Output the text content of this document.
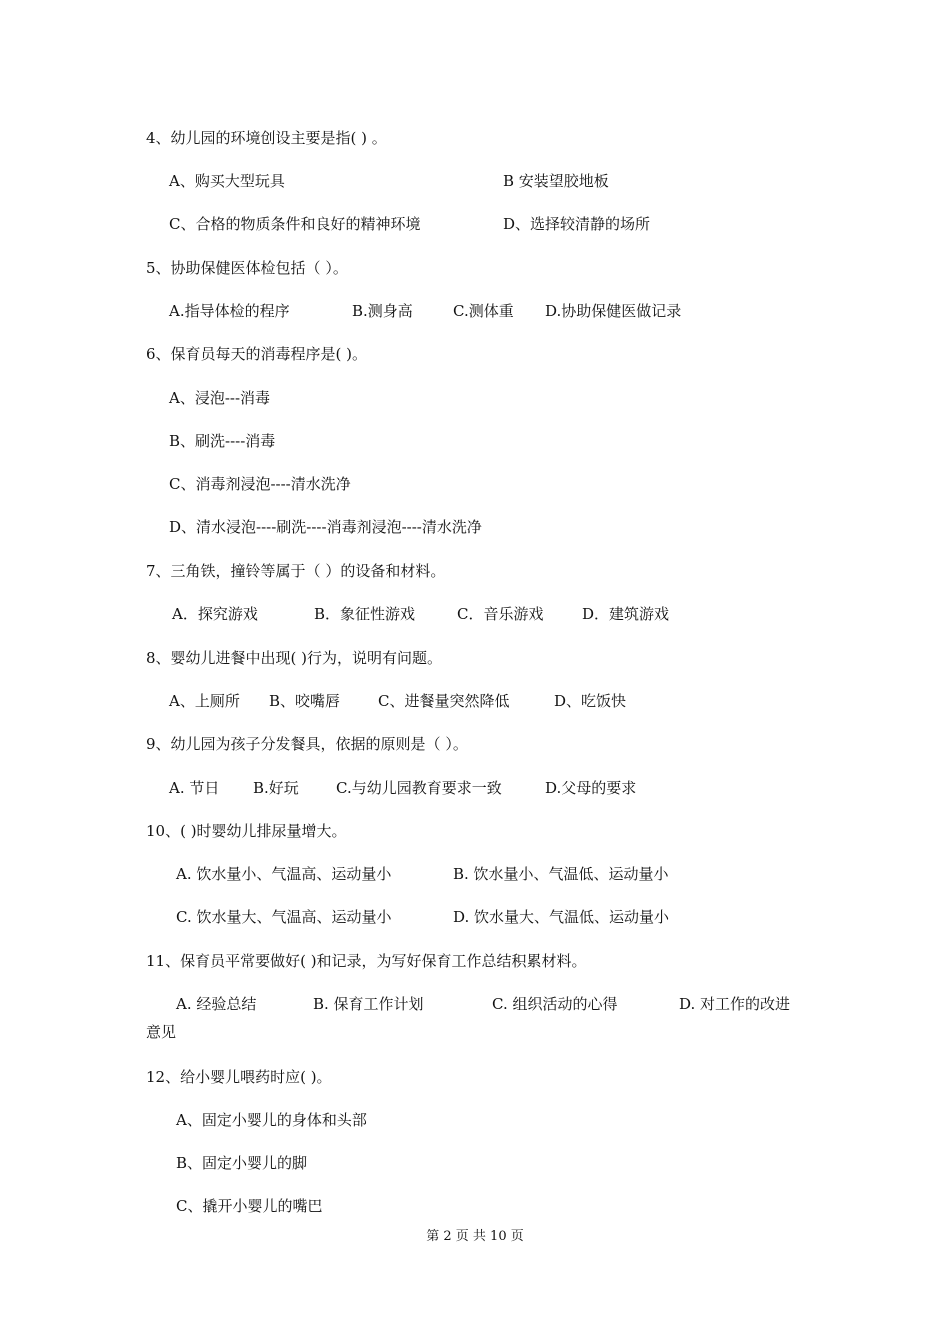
4、幼儿园的环境创设主要是指( ) 。
A、购买大型玩具	B 安装望胶地板
C、合格的物质条件和良好的精神环境	D、选择较清静的场所
5、协助保健医体检包括（ ）。
A.指导体检的程序	B.测身高	C.测体重 D.协助保健医做记录
6、保育员每天的消毒程序是( )。
A、浸泡---消毒
B、刷洗----消毒
C、消毒剂浸泡----清水洗净
D、清水浸泡----刷洗----消毒剂浸泡----清水洗净
7、三角铁，撞铃等属于（ ）的设备和材料。
A．探究游戏	B．象征性游戏	C．音乐游戏	D．建筑游戏
8、婴幼儿进餐中出现( )行为，说明有问题。
A、上厕所 B、咬嘴唇	C、进餐量突然降低	D、吃饭快
9、幼儿园为孩子分发餐具，依据的原则是（ ）。
A. 节日 B.好玩 C.与幼儿园教育要求一致	D.父母的要求
10、( )时婴幼儿排尿量增大。
A. 饮水量小、气温高、运动量小	B. 饮水量小、气温低、运动量小
C. 饮水量大、气温高、运动量小	D. 饮水量大、气温低、运动量小
11、保育员平常要做好( )和记录，为写好保育工作总结积累材料。
A. 经验总结	B. 保育工作计划	C. 组织活动的心得	D. 对工作的改进
意见
12、给小婴儿喂药时应( )。
A、固定小婴儿的身体和头部
B、固定小婴儿的脚
C、撬开小婴儿的嘴巴
第 2 页 共 10 页
